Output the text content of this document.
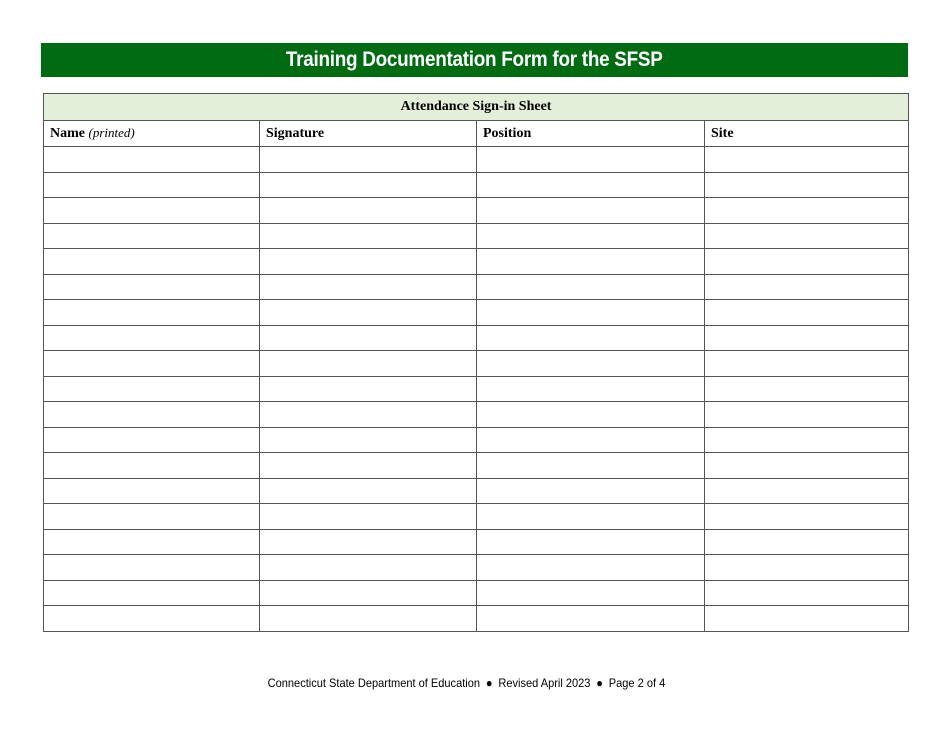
Training Documentation Form for the SFSP
Attendance Sign-in Sheet			
Name (printed)	Signature	Position	Site

Connecticut State Department of Education ● Revised April 2023 ● Page 2 of 4
